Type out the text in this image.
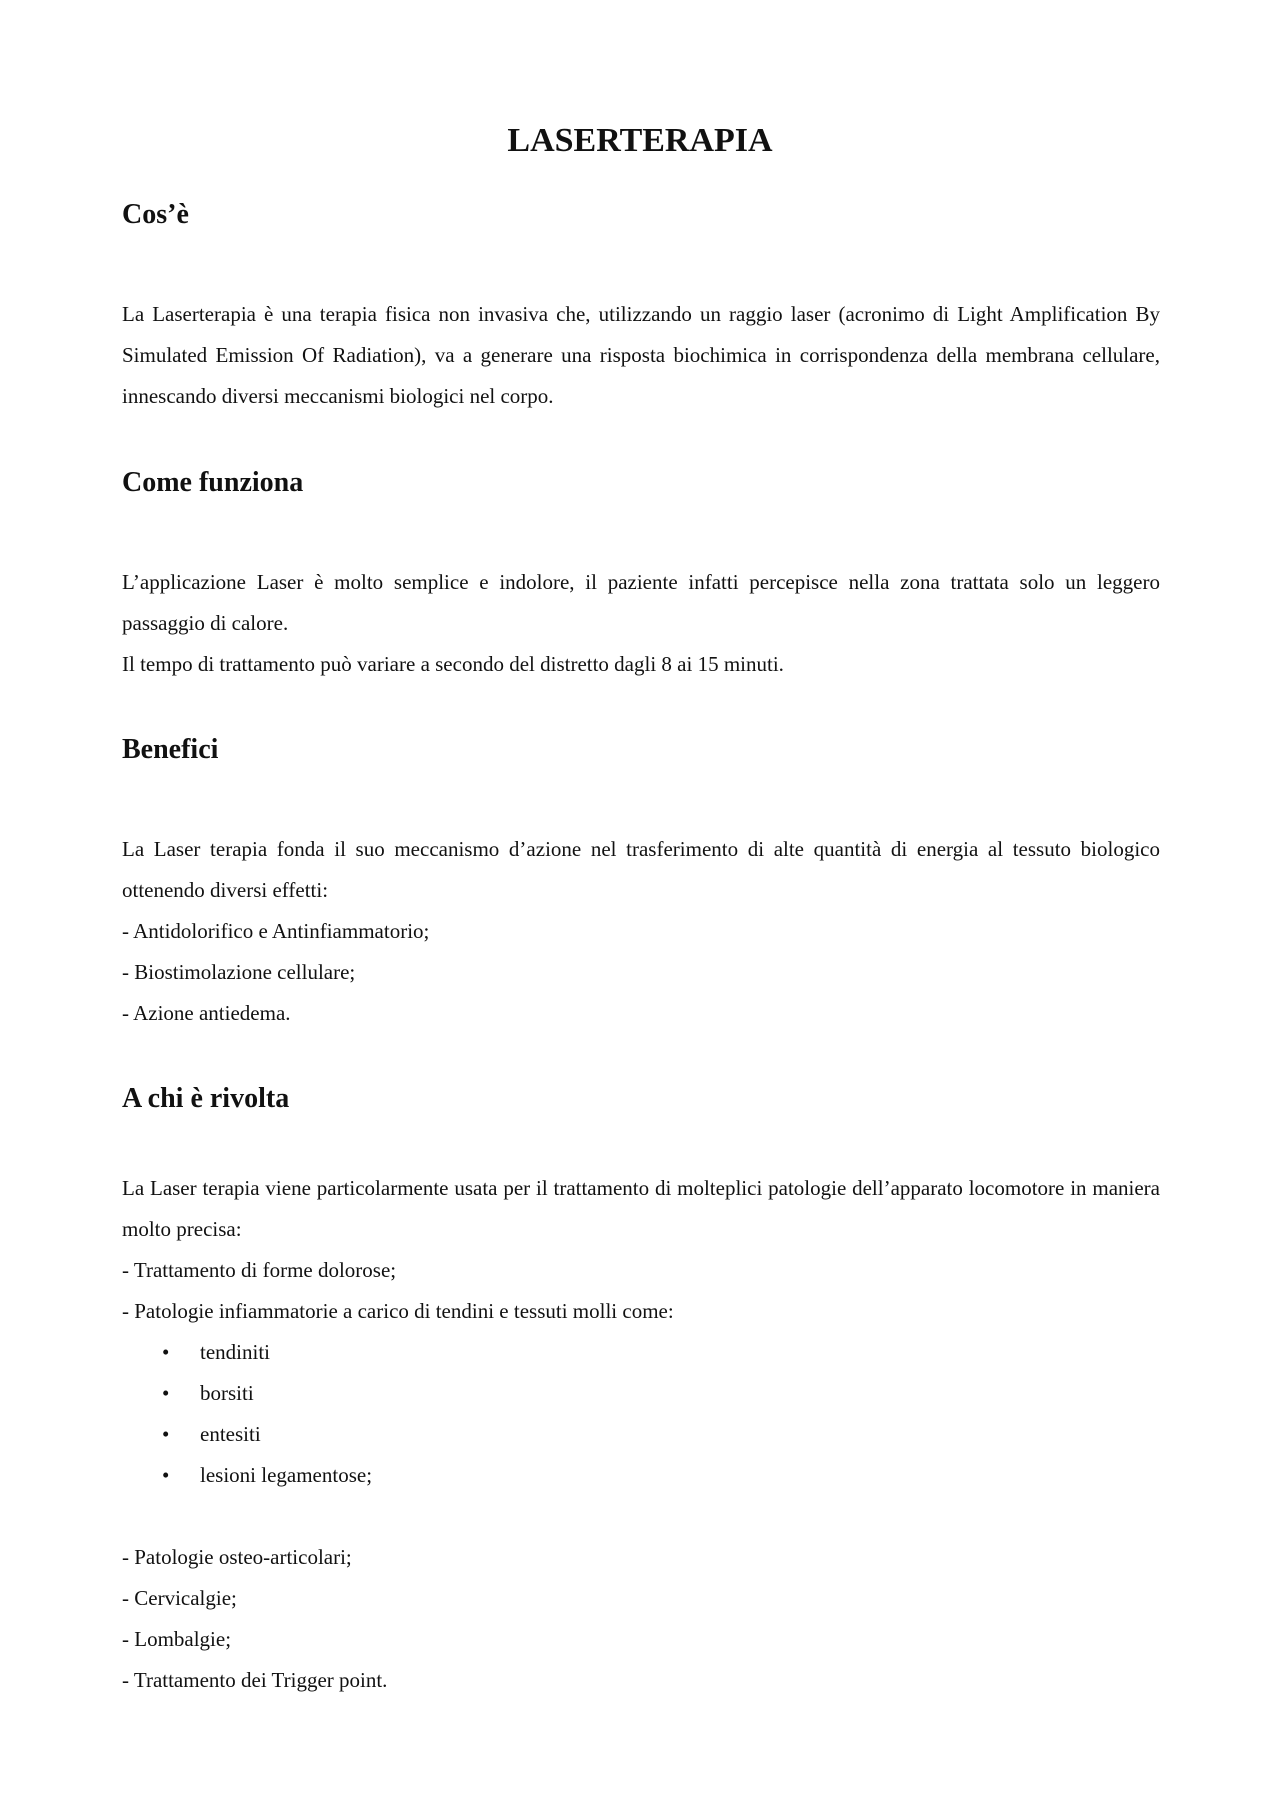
LASERTERAPIA
Cos’è

La Laserterapia è una terapia fisica non invasiva che, utilizzando un raggio laser (acronimo di Light Amplification By Simulated Emission Of Radiation), va a generare una risposta biochimica in corrispondenza della membrana cellulare, innescando diversi meccanismi biologici nel corpo.

Come funziona
L’applicazione Laser è molto semplice e indolore, il paziente infatti percepisce nella zona trattata solo un leggero passaggio di calore.
Il tempo di trattamento può variare a secondo del distretto dagli 8 ai 15 minuti.
Benefici
La Laser terapia fonda il suo meccanismo d’azione nel trasferimento di alte quantità di energia al tessuto biologico ottenendo diversi effetti:
- Antidolorifico e Antinfiammatorio;
- Biostimolazione cellulare;
- Azione antiedema.
A chi è rivolta
La Laser terapia viene particolarmente usata per il trattamento di molteplici patologie dell’apparato locomotore in maniera molto precisa:
- Trattamento di forme dolorose;
- Patologie infiammatorie a carico di tendini e tessuti molli come:
• tendiniti
• borsiti
• entesiti
• lesioni legamentose;
- Patologie osteo-articolari;
- Cervicalgie;
- Lombalgie;
- Trattamento dei Trigger point.
